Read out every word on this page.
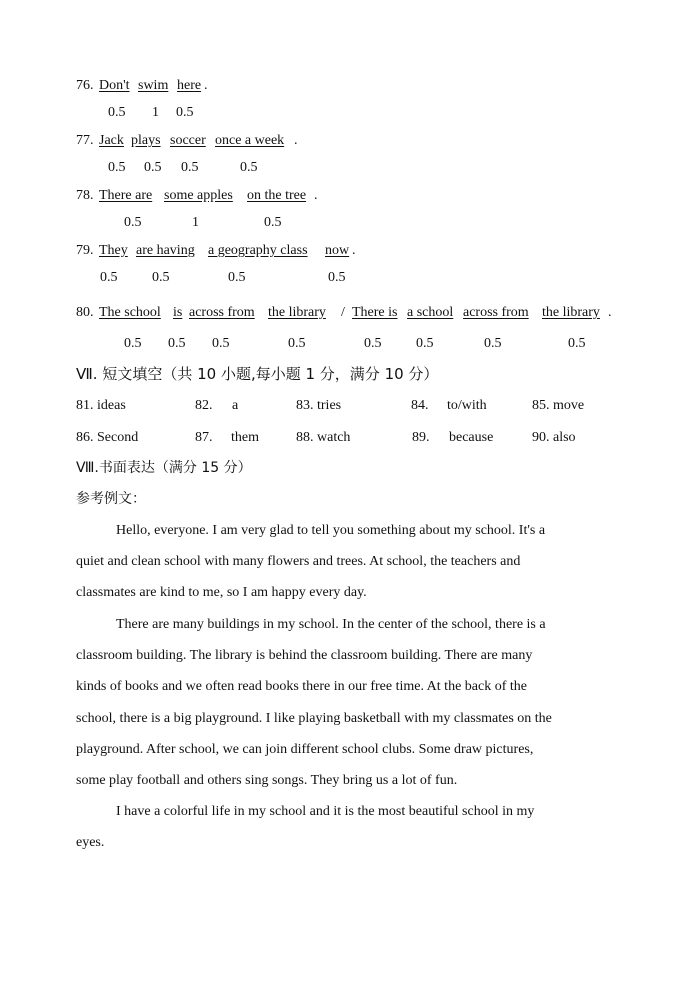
76. Don't swim here .
0.5 1 0.5
77. Jack plays soccer once a week .
0.5 0.5 0.5	0.5
78. There are some apples on the tree .
0.5	1	0.5
79. They are having a geography class now .
0.5 0.5	0.5	0.5
80. The school is across from the library / There is a school across from the library .
0.5 0.5 0.5	0.5	0.5 0.5	0.5	0.5
Ⅶ. 短文填空（共 10 小题,每小题 1 分，满分 10 分）
81. ideas	82. a	83. tries	84. to/with	85. move
86. Second	87. them	88. watch	89. because	90. also
Ⅷ.书面表达（满分 15 分）
参考例文：
Hello, everyone. I am very glad to tell you something about my school. It's a
quiet and clean school with many flowers and trees. At school, the teachers and
classmates are kind to me, so I am happy every day.
There are many buildings in my school. In the center of the school, there is a
classroom building. The library is behind the classroom building. There are many
kinds of books and we often read books there in our free time. At the back of the
school, there is a big playground. I like playing basketball with my classmates on the
playground. After school, we can join different school clubs. Some draw pictures,
some play football and others sing songs. They bring us a lot of fun.
I have a colorful life in my school and it is the most beautiful school in my
eyes.
